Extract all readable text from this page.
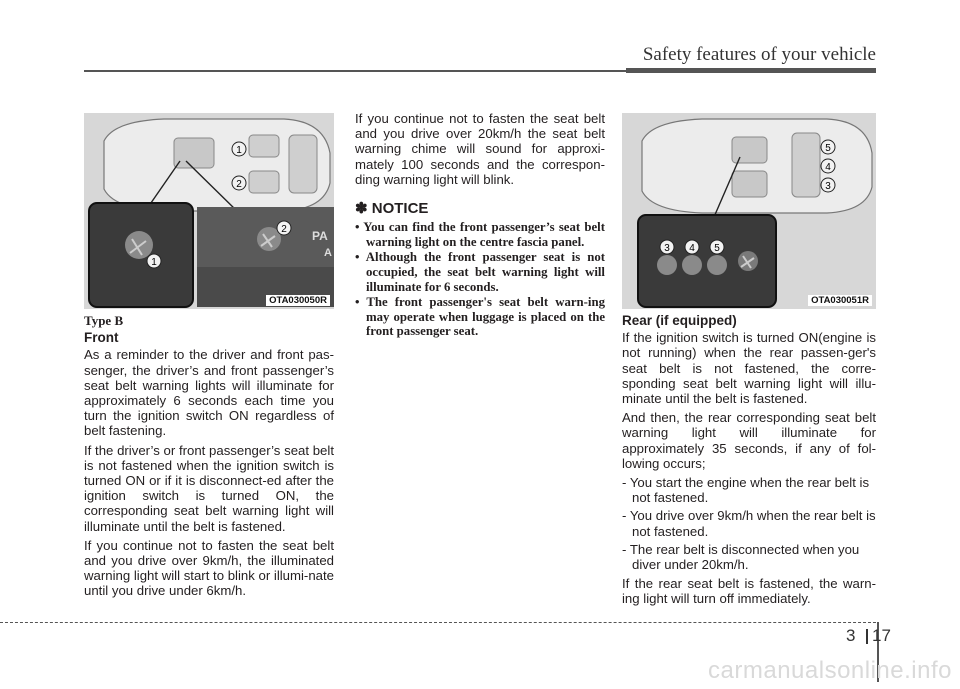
Safety features of your vehicle
1
2
1
2 PA
A
OTA030050R
5
4
3
3 4 5
OTA030051R
Type B
Front

As a reminder to the driver and front pas-senger, the driver’s and front passenger’s seat belt warning lights will illuminate for approximately 6 seconds each time you turn the ignition switch ON regardless of belt fastening.

If the driver’s or front passenger’s seat belt is not fastened when the ignition switch is turned ON or if it is disconnect-ed after the ignition switch is turned ON, the corresponding seat belt warning light will illuminate until the belt is fastened.

If you continue not to fasten the seat belt and you drive over 9km/h, the illuminated warning light will start to blink or illumi-nate until you drive under 6km/h.

If you continue not to fasten the seat belt and you drive over 20km/h the seat belt warning chime will sound for approxi-mately 100 seconds and the correspon-ding warning light will blink.

✽ NOTICE
• You can find the front passenger’s seat belt warning light on the centre fascia panel.
• Although the front passenger seat is not occupied, the seat belt warning light will illuminate for 6 seconds.
• The front passenger's seat belt warn-ing may operate when luggage is placed on the front passenger seat.
Rear (if equipped)

If the ignition switch is turned ON(engine is not running) when the rear passen-ger's seat belt is not fastened, the corre-sponding seat belt warning light will illu-minate until the belt is fastened.

And then, the rear corresponding seat belt warning light will illuminate for approximately 35 seconds, if any of fol-lowing occurs;

- You start the engine when the rear belt is not fastened.
- You drive over 9km/h when the rear belt is not fastened.
- The rear belt is disconnected when you diver under 20km/h.

If the rear seat belt is fastened, the warn-ing light will turn off immediately.

3 17
carmanualsonline.info
